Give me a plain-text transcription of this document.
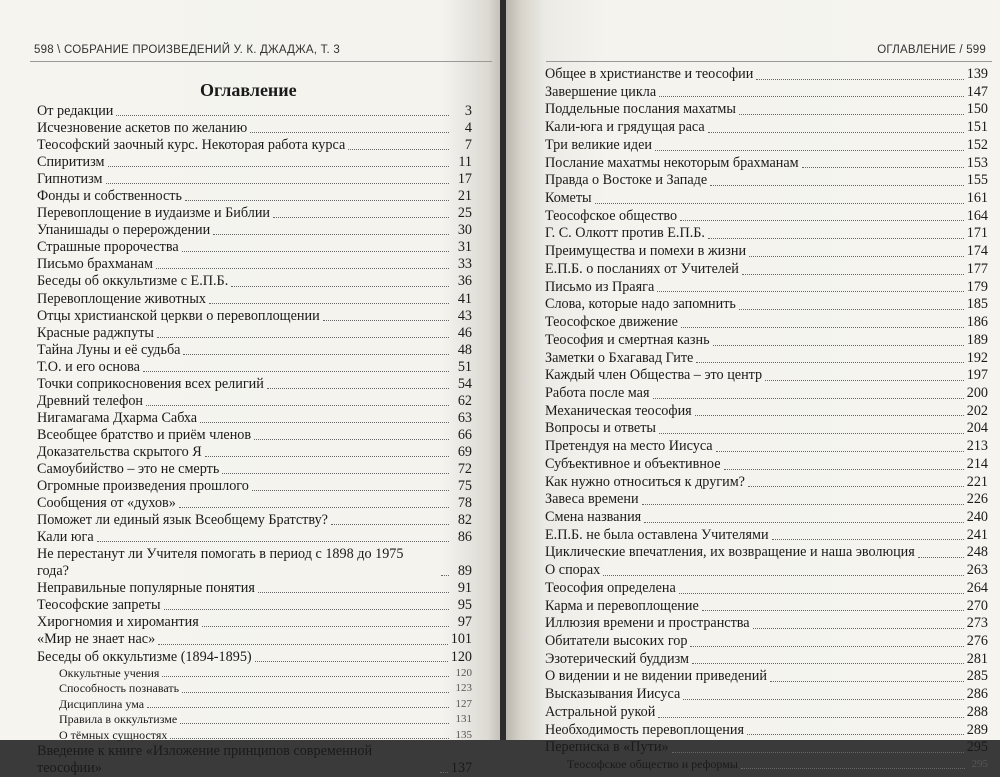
598 \ СОБРАНИЕ ПРОИЗВЕДЕНИЙ У. К. ДЖАДЖА, Т. 3
Оглавление
От редакции	3
Исчезновение аскетов по желанию	4
Теософский заочный курс. Некоторая работа курса	7
Спиритизм	11
Гипнотизм	17
Фонды и собственность	21
Перевоплощение в иудаизме и Библии	25
Упанишады о перерождении	30
Страшные пророчества	31
Письмо брахманам	33
Беседы об оккультизме с Е.П.Б.	36
Перевоплощение животных	41
Отцы христианской церкви о перевоплощении	43
Красные раджпуты	46
Тайна Луны и её судьба	48
Т.О. и его основа	51
Точки соприкосновения всех религий	54
Древний телефон	62
Нигамагама Дхарма Сабха	63
Всеобщее братство и приём членов	66
Доказательства скрытого Я	69
Самоубийство – это не смерть	72
Огромные произведения прошлого	75
Сообщения от «духов»	78
Поможет ли единый язык Всеобщему Братству?	82
Кали юга	86
Не перестанут ли Учителя помогать в период с 1898 до 1975 года?	89
Неправильные популярные понятия	91
Теософские запреты	95
Хирогномия и хиромантия	97
«Мир не знает нас»	101
Беседы об оккультизме (1894-1895)	120
Оккультные учения	120
Способность познавать	123
Дисциплина ума	127
Правила в оккультизме	131
О тёмных сущностях	135
Введение к книге «Изложение принципов современной теософии»	137
ОГЛАВЛЕНИЕ / 599
Общее в христианстве и теософии	139
Завершение цикла	147
Поддельные послания махатмы	150
Кали-юга и грядущая раса	151
Три великие идеи	152
Послание махатмы некоторым брахманам	153
Правда о Востоке и Западе	155
Кометы	161
Теософское общество	164
Г. С. Олкотт против Е.П.Б.	171
Преимущества и помехи в жизни	174
Е.П.Б. о посланиях от Учителей	177
Письмо из Праяга	179
Слова, которые надо запомнить	185
Теософское движение	186
Теософия и смертная казнь	189
Заметки о Бхагавад Гите	192
Каждый член Общества – это центр	197
Работа после мая	200
Механическая теософия	202
Вопросы и ответы	204
Претендуя на место Иисуса	213
Субъективное и объективное	214
Как нужно относиться к другим?	221
Завеса времени	226
Смена названия	240
Е.П.Б. не была оставлена Учителями	241
Циклические впечатления, их возвращение и наша эволюция	248
О спорах	263
Теософия определена	264
Карма и перевоплощение	270
Иллюзия времени и пространства	273
Обитатели высоких гор	276
Эзотерический буддизм	281
О видении и не видении приведений	285
Высказывания Иисуса	286
Астральной рукой	288
Необходимость перевоплощения	289
Переписка в «Пути»	295
Теософское общество и реформы	295
